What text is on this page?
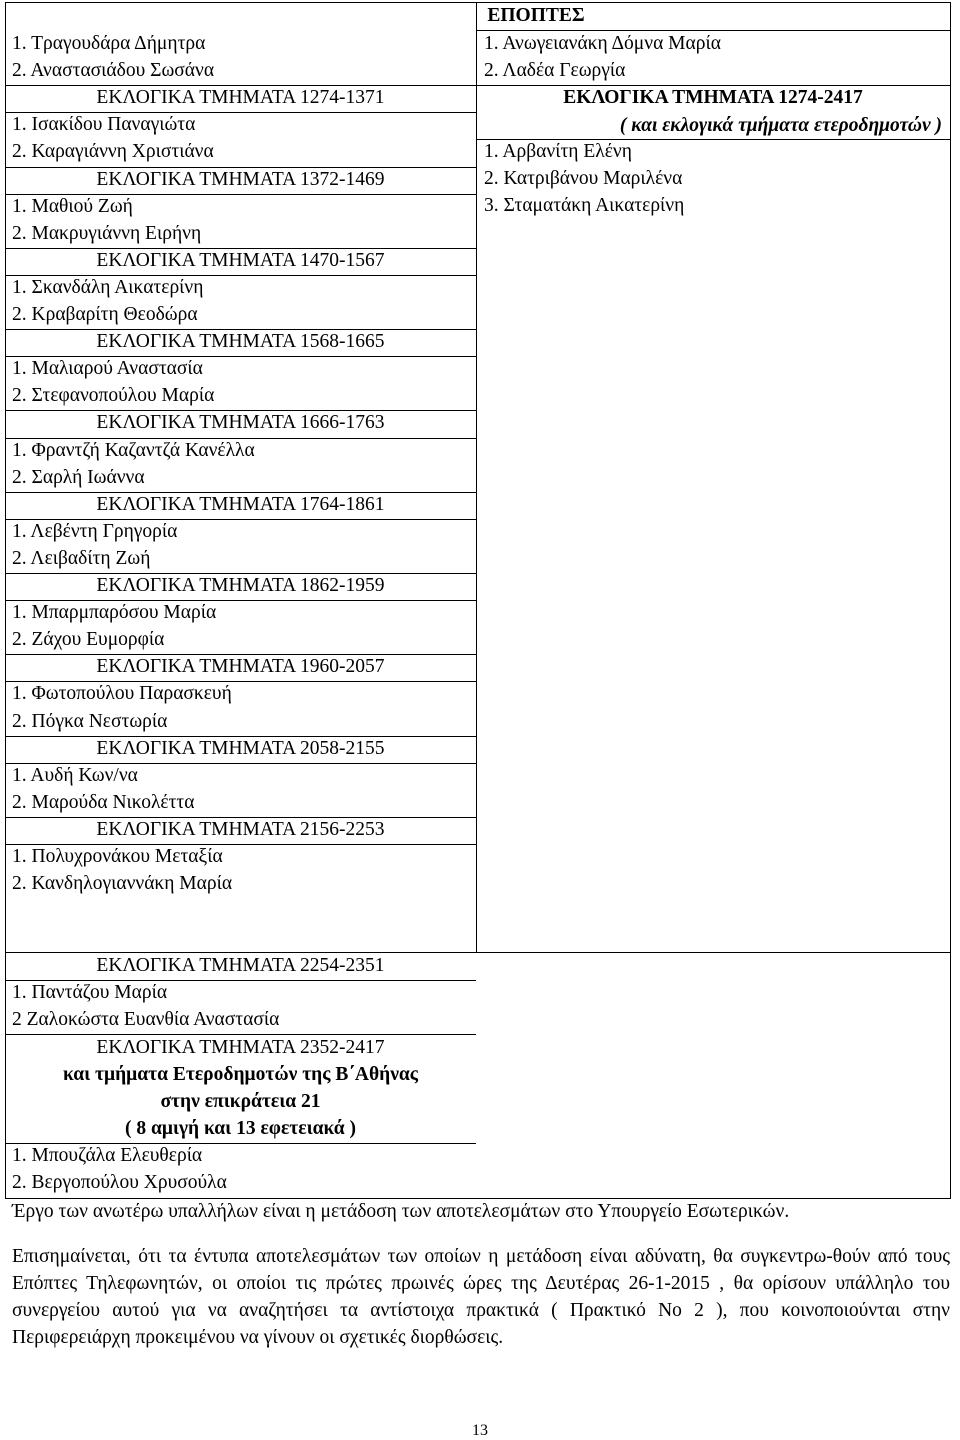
ΕΠΟΠΤΕΣ
1. Τραγουδάρα Δήμητρα
2. Αναστασιάδου Σωσάνα
ΕΚΛΟΓΙΚΑ ΤΜΗΜΑΤΑ 1274-1371
1. Ισακίδου Παναγιώτα
2. Καραγιάννη Χριστιάνα
ΕΚΛΟΓΙΚΑ ΤΜΗΜΑΤΑ 1372-1469
1. Μαθιού Ζωή
2. Μακρυγιάννη Ειρήνη
ΕΚΛΟΓΙΚΑ ΤΜΗΜΑΤΑ 1470-1567
1. Σκανδάλη Αικατερίνη
2. Κραβαρίτη Θεοδώρα
ΕΚΛΟΓΙΚΑ ΤΜΗΜΑΤΑ 1568-1665
1. Μαλιαρού Αναστασία
2. Στεφανοπούλου Μαρία
ΕΚΛΟΓΙΚΑ ΤΜΗΜΑΤΑ 1666-1763
1. Φραντζή Καζαντζά Κανέλλα
2. Σαρλή Ιωάννα
ΕΚΛΟΓΙΚΑ ΤΜΗΜΑΤΑ 1764-1861
1. Λεβέντη Γρηγορία
2. Λειβαδίτη Ζωή
ΕΚΛΟΓΙΚΑ ΤΜΗΜΑΤΑ 1862-1959
1. Μπαρμπαρόσου Μαρία
2. Ζάχου Ευμορφία
ΕΚΛΟΓΙΚΑ ΤΜΗΜΑΤΑ 1960-2057
1. Φωτοπούλου Παρασκευή
2. Πόγκα Νεστωρία
ΕΚΛΟΓΙΚΑ ΤΜΗΜΑΤΑ 2058-2155
1. Αυδή Κων/να
2. Μαρούδα Νικολέττα
ΕΚΛΟΓΙΚΑ ΤΜΗΜΑΤΑ 2156-2253
1. Πολυχρονάκου Μεταξία
2. Κανδηλογιαννάκη Μαρία
1. Ανωγειανάκη Δόμνα Μαρία
2. Λαδέα Γεωργία
ΕΚΛΟΓΙΚΑ ΤΜΗΜΑΤΑ 1274-2417
( και εκλογικά τμήματα ετεροδημοτών )
1. Αρβανίτη Ελένη
2. Κατριβάνου Μαριλένα
3. Σταματάκη Αικατερίνη
ΕΚΛΟΓΙΚΑ ΤΜΗΜΑΤΑ 2254-2351
1. Παντάζου Μαρία
2 Ζαλοκώστα Ευανθία Αναστασία
ΕΚΛΟΓΙΚΑ ΤΜΗΜΑΤΑ 2352-2417
και τμήματα Ετεροδημοτών της Β΄Αθήνας
στην επικράτεια 21
( 8 αμιγή και 13 εφετειακά )
1. Μπουζάλα Ελευθερία
2. Βεργοπούλου Χρυσούλα
Έργο των ανωτέρω υπαλλήλων είναι η μετάδοση των αποτελεσμάτων στο Υπουργείο Εσωτερικών.
Επισημαίνεται, ότι τα έντυπα αποτελεσμάτων των οποίων η μετάδοση είναι αδύνατη, θα συγκεντρω-θούν από τους Επόπτες Τηλεφωνητών, οι οποίοι τις πρώτες πρωινές ώρες της Δευτέρας 26-1-2015 , θα ορίσουν υπάλληλο του συνεργείου αυτού για να αναζητήσει τα αντίστοιχα πρακτικά ( Πρακτικό Νο 2 ), που κοινοποιούνται στην Περιφερειάρχη προκειμένου να γίνουν οι σχετικές διορθώσεις.
13
